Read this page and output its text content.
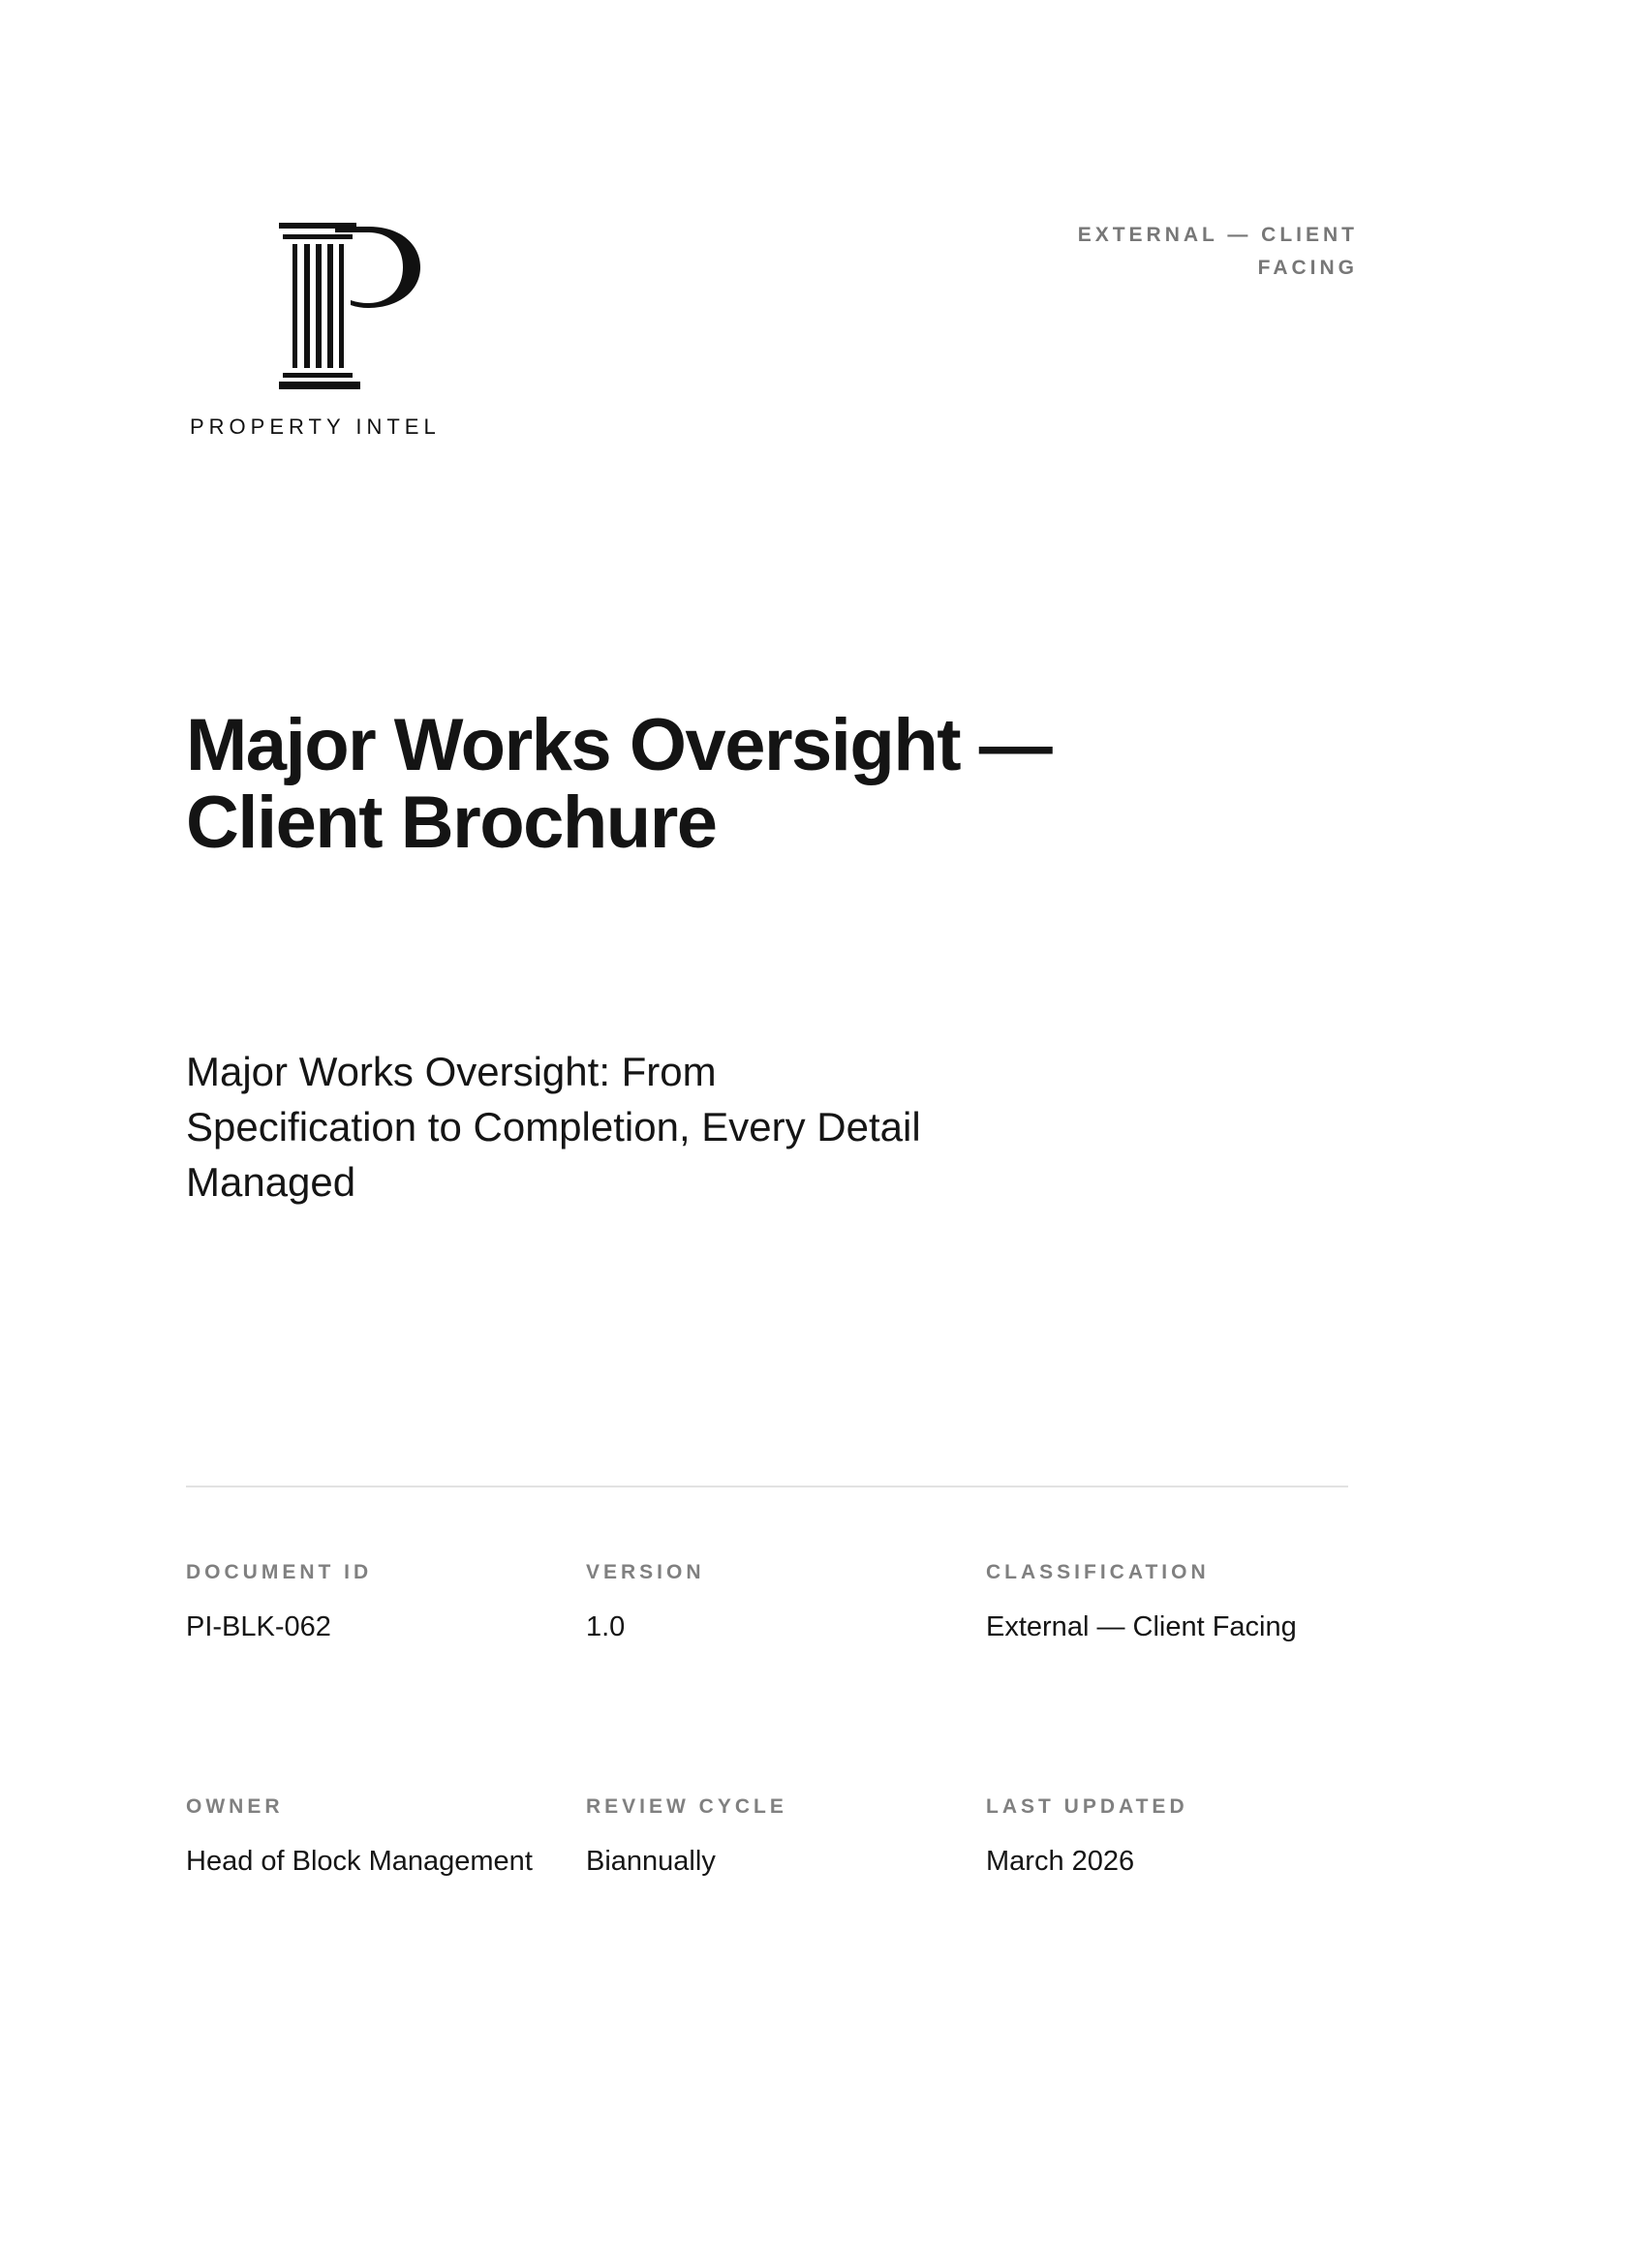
PROPERTY INTEL
EXTERNAL — CLIENT FACING
Major Works Oversight — Client Brochure
Major Works Oversight: From Specification to Completion, Every Detail Managed
DOCUMENT ID
PI-BLK-062
VERSION
1.0
CLASSIFICATION
External — Client Facing
OWNER
Head of Block Management
REVIEW CYCLE
Biannually
LAST UPDATED
March 2026
